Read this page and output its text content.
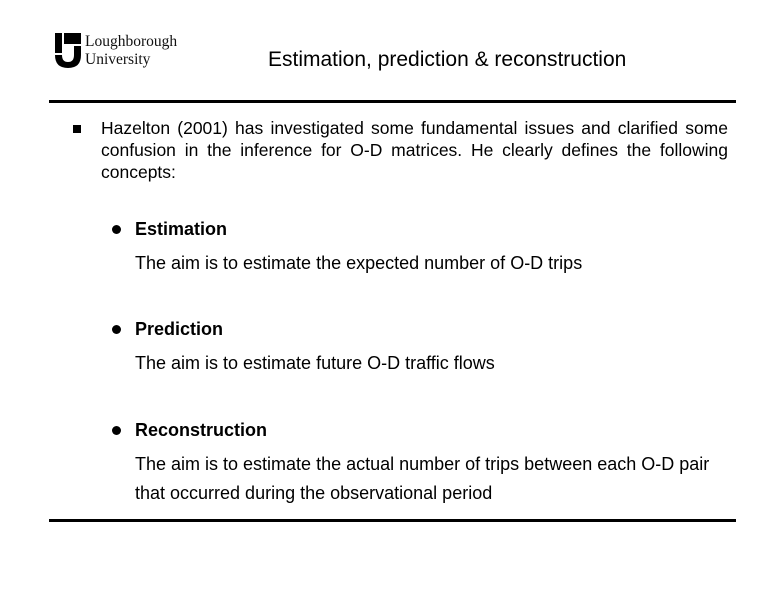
Loughborough
University	Estimation, prediction & reconstruction
Hazelton (2001) has investigated some fundamental issues and clarified some confusion in the inference for O-D matrices. He clearly defines the following concepts:
Estimation
The aim is to estimate the expected number of O-D trips
Prediction
The aim is to estimate future O-D traffic flows
Reconstruction
The aim is to estimate the actual number of trips between each O-D pair that occurred during the observational period
